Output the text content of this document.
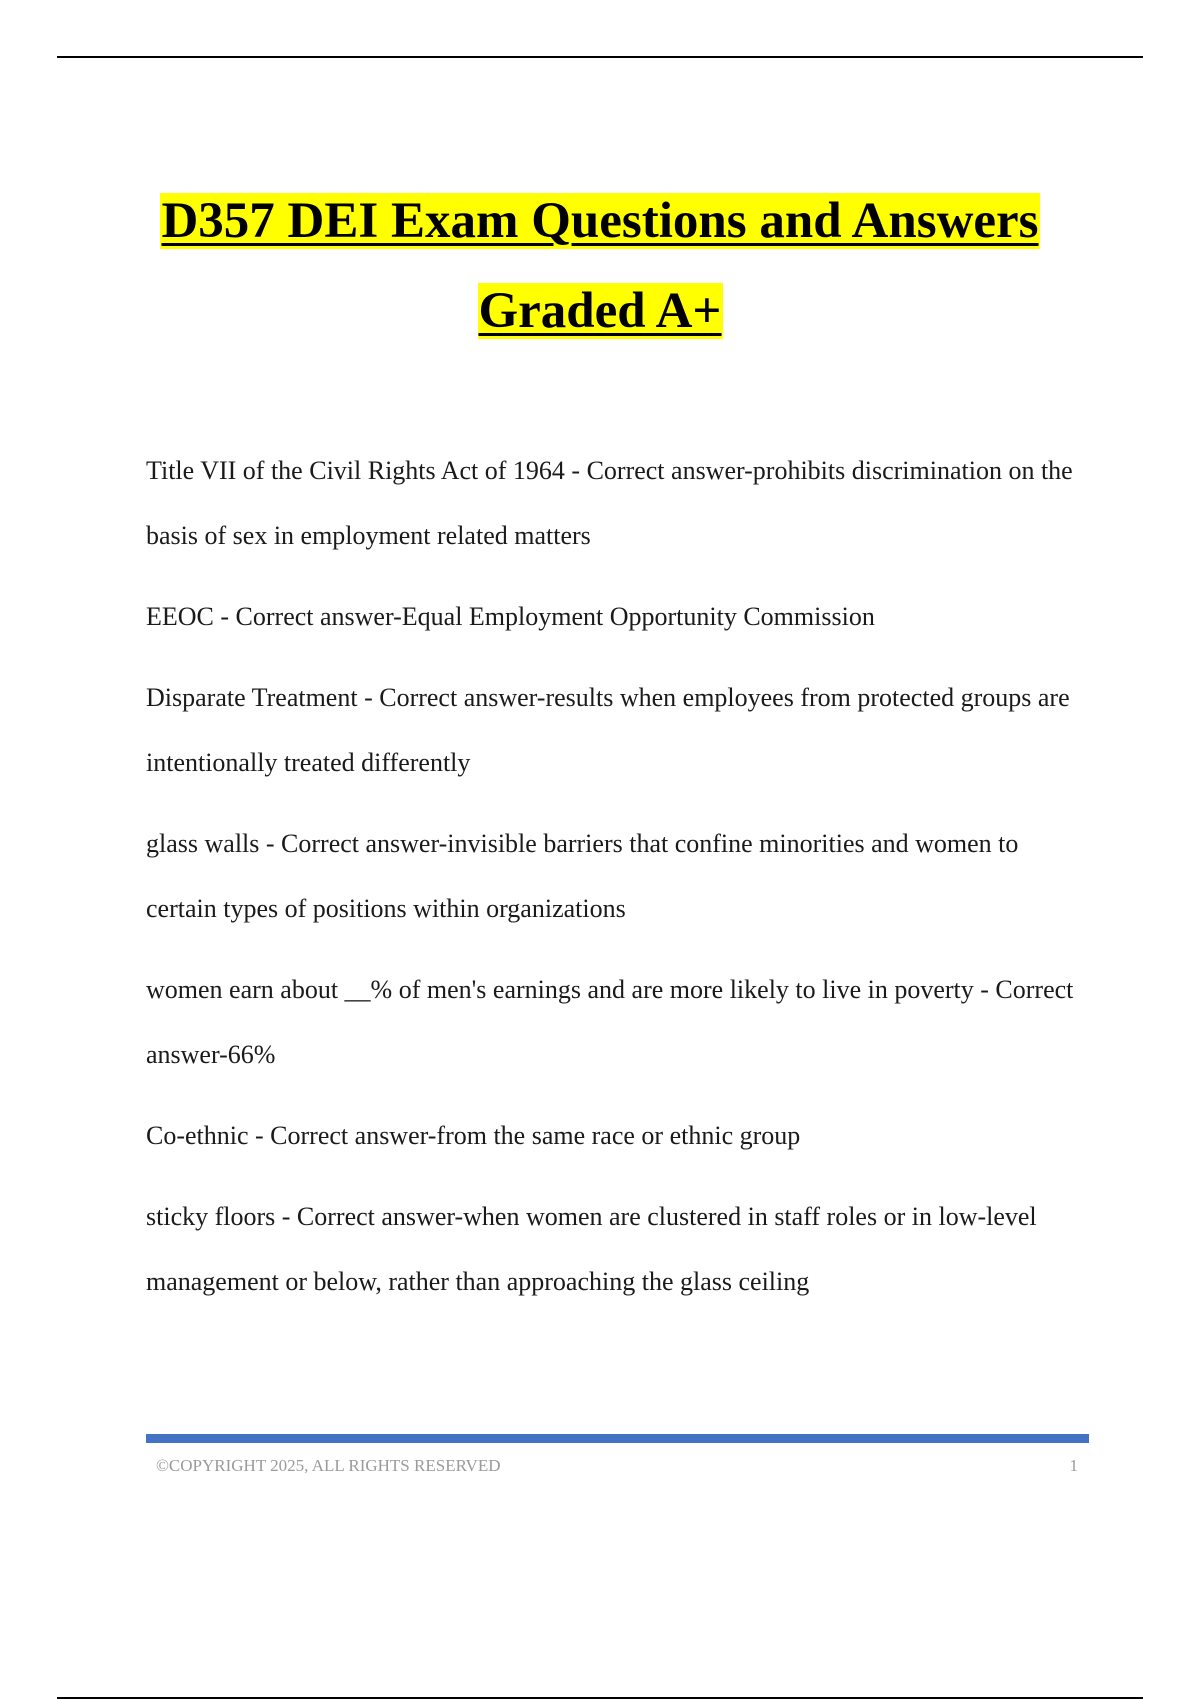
D357 DEI Exam Questions and Answers
Graded A+

Title VII of the Civil Rights Act of 1964 - Correct answer-prohibits discrimination on the basis of sex in employment related matters

EEOC - Correct answer-Equal Employment Opportunity Commission

Disparate Treatment - Correct answer-results when employees from protected groups are intentionally treated differently

glass walls - Correct answer-invisible barriers that confine minorities and women to certain types of positions within organizations

women earn about __% of men's earnings and are more likely to live in poverty - Correct answer-66%

Co-ethnic - Correct answer-from the same race or ethnic group

sticky floors - Correct answer-when women are clustered in staff roles or in low-level management or below, rather than approaching the glass ceiling

©COPYRIGHT 2025, ALL RIGHTS RESERVED	1
